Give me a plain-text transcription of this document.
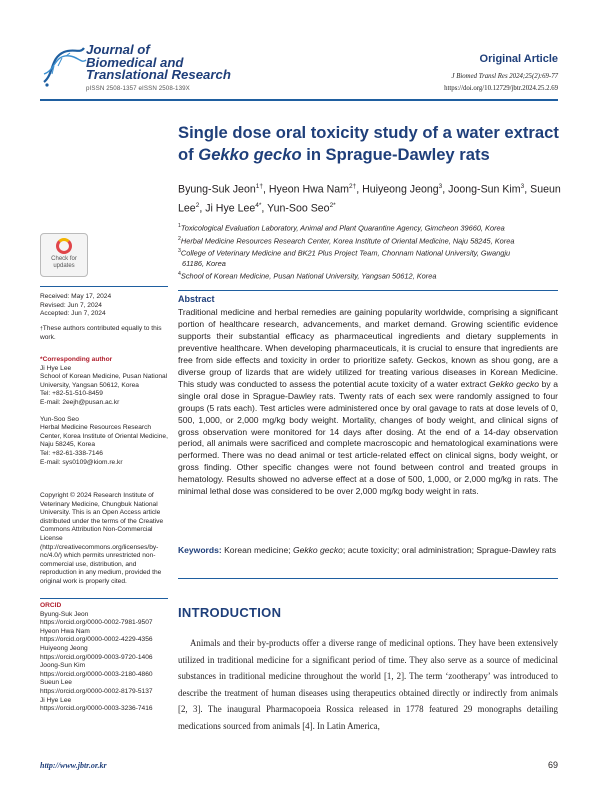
Journal of
Biomedical and
Translational Research
pISSN 2508-1357 eISSN 2508-139X
Original Article
J Biomed Transl Res 2024;25(2):69-77
https://doi.org/10.12729/jbtr.2024.25.2.69
Single dose oral toxicity study of a water extract of Gekko gecko in Sprague-Dawley rats
Byung-Suk Jeon$^{1\dagger}$, Hyeon Hwa Nam$^{2\dagger}$, Huiyeong Jeong$^3$, Joong-Sun Kim$^3$, Sueun Lee$^2$, Ji Hye Lee$^{4*}$, Yun-Soo Seo$^{2*}$
$^1$Toxicological Evaluation Laboratory, Animal and Plant Quarantine Agency, Gimcheon 39660, Korea
$^2$Herbal Medicine Resources Research Center, Korea Institute of Oriental Medicine, Naju 58245, Korea
$^3$College of Veterinary Medicine and BK21 Plus Project Team, Chonnam National University, Gwangju
61186, Korea
$^4$School of Korean Medicine, Pusan National University, Yangsan 50612, Korea
Check for
updates
Received: May 17, 2024
Revised: Jun 7, 2024
Accepted: Jun 7, 2024
†These authors contributed equally to this work.
*Corresponding author
Ji Hye Lee
School of Korean Medicine, Pusan National University, Yangsan 50612, Korea
Tel: +82-51-510-8459
E-mail: 2eejh@pusan.ac.kr
Yun-Soo Seo
Herbal Medicine Resources Research Center, Korea Institute of Oriental Medicine, Naju 58245, Korea
Tel: +82-61-338-7146
E-mail: sys0109@kiom.re.kr
Copyright © 2024 Research Institute of Veterinary Medicine, Chungbuk National University. This is an Open Access article distributed under the terms of the Creative Commons Attribution Non-Commercial License (http://creativecommons.org/licenses/by-nc/4.0/) which permits unrestricted non-commercial use, distribution, and reproduction in any medium, provided the original work is properly cited.
ORCID
Byung-Suk Jeon
https://orcid.org/0000-0002-7981-9507
Hyeon Hwa Nam
https://orcid.org/0000-0002-4229-4356
Huiyeong Jeong
https://orcid.org/0009-0003-9720-1406
Joong-Sun Kim
https://orcid.org/0000-0003-2180-4860
Sueun Lee
https://orcid.org/0000-0002-8179-5137
Ji Hye Lee
https://orcid.org/0000-0003-3236-7416
Abstract
Traditional medicine and herbal remedies are gaining popularity worldwide, comprising a significant portion of healthcare research, advancements, and market demand. Growing scientific evidence supports their substantial efficacy as pharmaceutical ingredients and dietary supplements in preventive healthcare. When developing pharmaceuticals, it is crucial to ensure that ingredients are free from side effects and toxicity in order to prioritize safety. Geckos, known as shou gong, are a diverse group of lizards that are widely utilized for treating various diseases in Korean Medicine. This study was conducted to assess the potential acute toxicity of a water extract Gekko gecko by a single oral dose in Sprague-Dawley rats. Twenty rats of each sex were randomly assigned to four groups (5 rats each). Test articles were administered once by oral gavage to rats at dose levels of 0, 500, 1,000, or 2,000 mg/kg body weight. Mortality, changes of body weight, and clinical signs of gross observation were monitored for 14 days after dosing. At the end of a 14-day observation period, all animals were sacrificed and complete macroscopic and hematological examinations were performed. There was no dead animal or test article-related effect on clinical signs, body weight, or gross finding. Other specific changes were not found between control and treated groups in hematology. Results showed no adverse effect at a dose of 500, 1,000, or 2,000 mg/kg in rats. The minimal lethal dose was considered to be over 2,000 mg/kg body weight in rats.
Keywords: Korean medicine; Gekko gecko; acute toxicity; oral administration; Sprague-Dawley rats
INTRODUCTION
Animals and their by-products offer a diverse range of medicinal options. They have been extensively utilized in traditional medicine for a significant period of time. They also serve as a source of medicinal substances in traditional medicine throughout the world [1, 2]. The term ‘zootherapy’ was introduced to describe the treatment of human diseases using therapeutics obtained directly or indirectly from animals [2, 3]. The inaugural Pharmacopoeia Rossica released in 1778 featured 29 monographs detailing medications sourced from animals [4]. In Latin America,
http://www.jbtr.or.kr	69
